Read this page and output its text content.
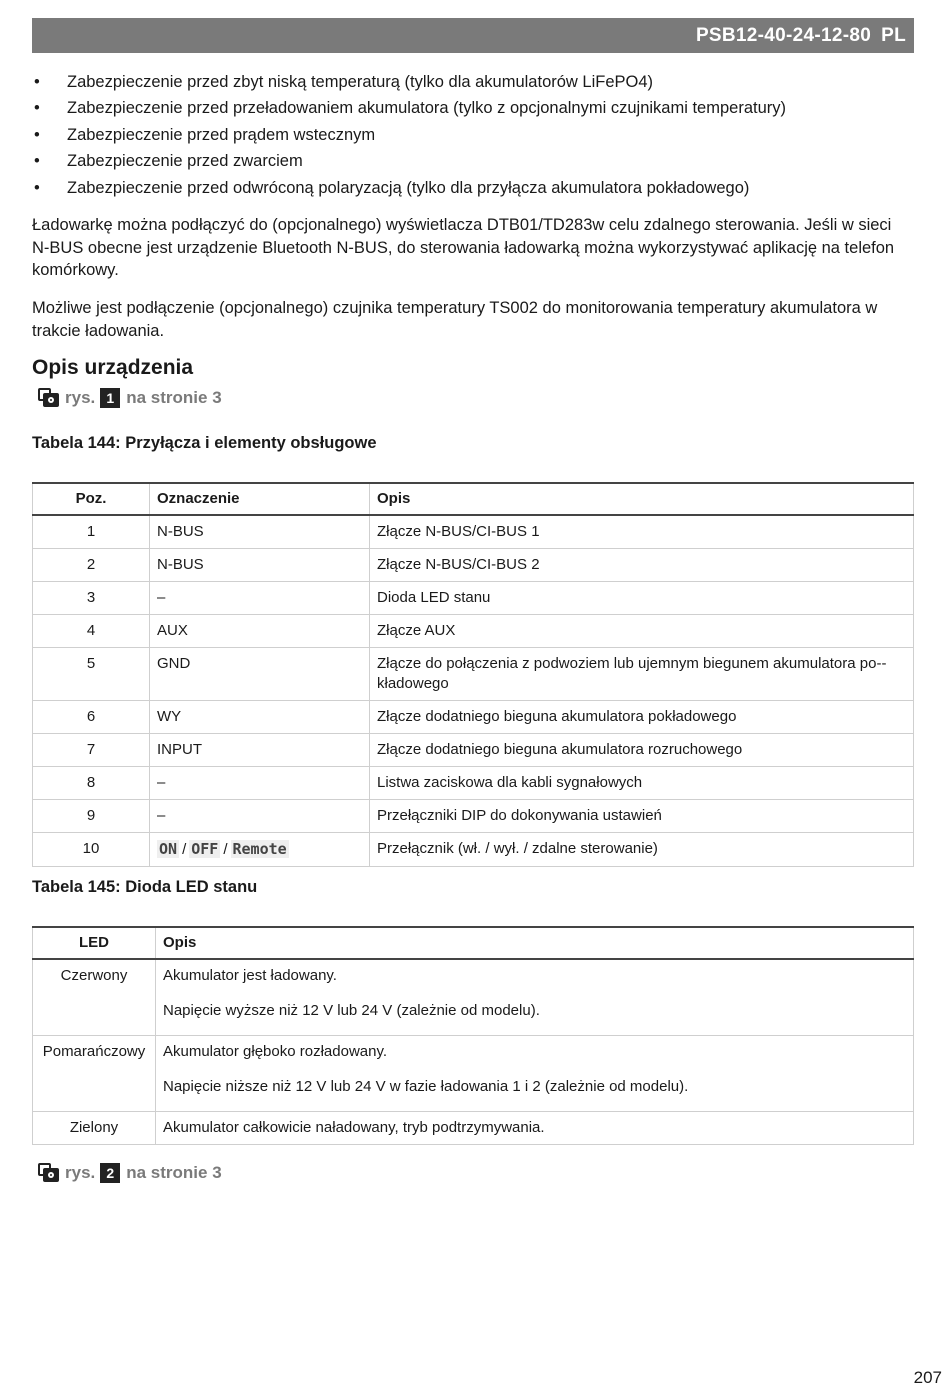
PSB12-40-24-12-80 PL
• Zabezpieczenie przed zbyt niską temperaturą (tylko dla akumulatorów LiFePO4)
• Zabezpieczenie przed przeładowaniem akumulatora (tylko z opcjonalnymi czujnikami temperatury)
• Zabezpieczenie przed prądem wstecznym
• Zabezpieczenie przed zwarciem
• Zabezpieczenie przed odwróconą polaryzacją (tylko dla przyłącza akumulatora pokładowego)

Ładowarkę można podłączyć do (opcjonalnego) wyświetlacza DTB01/TD283w celu zdalnego sterowania. Jeśli w sieci N-BUS obecne jest urządzenie Bluetooth N-BUS, do sterowania ładowarką można wykorzystywać aplikację na telefon komórkowy.

Możliwe jest podłączenie (opcjonalnego) czujnika temperatury TS002 do monitorowania temperatury akumulatora w trakcie ładowania.

Opis urządzenia
rys. 1 na stronie 3

Tabela 144: Przyłącza i elementy obsługowe

Poz.	Oznaczenie	Opis
1	N-BUS	Złącze N-BUS/CI-BUS 1
2	N-BUS	Złącze N-BUS/CI-BUS 2
3	–	Dioda LED stanu
4	AUX	Złącze AUX
5	GND	Złącze do połączenia z podwoziem lub ujemnym biegunem akumulatora po-kładowego
6	WY	Złącze dodatniego bieguna akumulatora pokładowego
7	INPUT	Złącze dodatniego bieguna akumulatora rozruchowego
8	–	Listwa zaciskowa dla kabli sygnałowych
9	–	Przełączniki DIP do dokonywania ustawień
10	ON / OFF / Remote	Przełącznik (wł. / wył. / zdalne sterowanie)

Tabela 145: Dioda LED stanu

LED	Opis
Czerwony	Akumulator jest ładowany.
Napięcie wyższe niż 12 V lub 24 V (zależnie od modelu).

Pomarańczowy	Akumulator głęboko rozładowany.
Napięcie niższe niż 12 V lub 24 V w fazie ładowania 1 i 2 (zależnie od modelu).

Zielony	Akumulator całkowicie naładowany, tryb podtrzymywania.
rys. 2 na stronie 3
207
